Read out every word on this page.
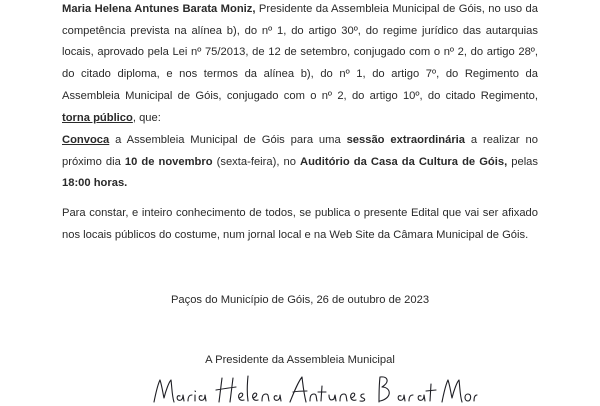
Maria Helena Antunes Barata Moniz, Presidente da Assembleia Municipal de Góis, no uso da competência prevista na alínea b), do nº 1, do artigo 30º, do regime jurídico das autarquias locais, aprovado pela Lei nº 75/2013, de 12 de setembro, conjugado com o nº 2, do artigo 28º, do citado diploma, e nos termos da alínea b), do nº 1, do artigo 7º, do Regimento da Assembleia Municipal de Góis, conjugado com o nº 2, do artigo 10º, do citado Regimento, torna público, que:

Convoca a Assembleia Municipal de Góis para uma sessão extraordinária a realizar no próximo dia 10 de novembro (sexta-feira), no Auditório da Casa da Cultura de Góis, pelas 18:00 horas.

Para constar, e inteiro conhecimento de todos, se publica o presente Edital que vai ser afixado nos locais públicos do costume, num jornal local e na Web Site da Câmara Municipal de Góis.

Paços do Município de Góis, 26 de outubro de 2023

A Presidente da Assembleia Municipal
